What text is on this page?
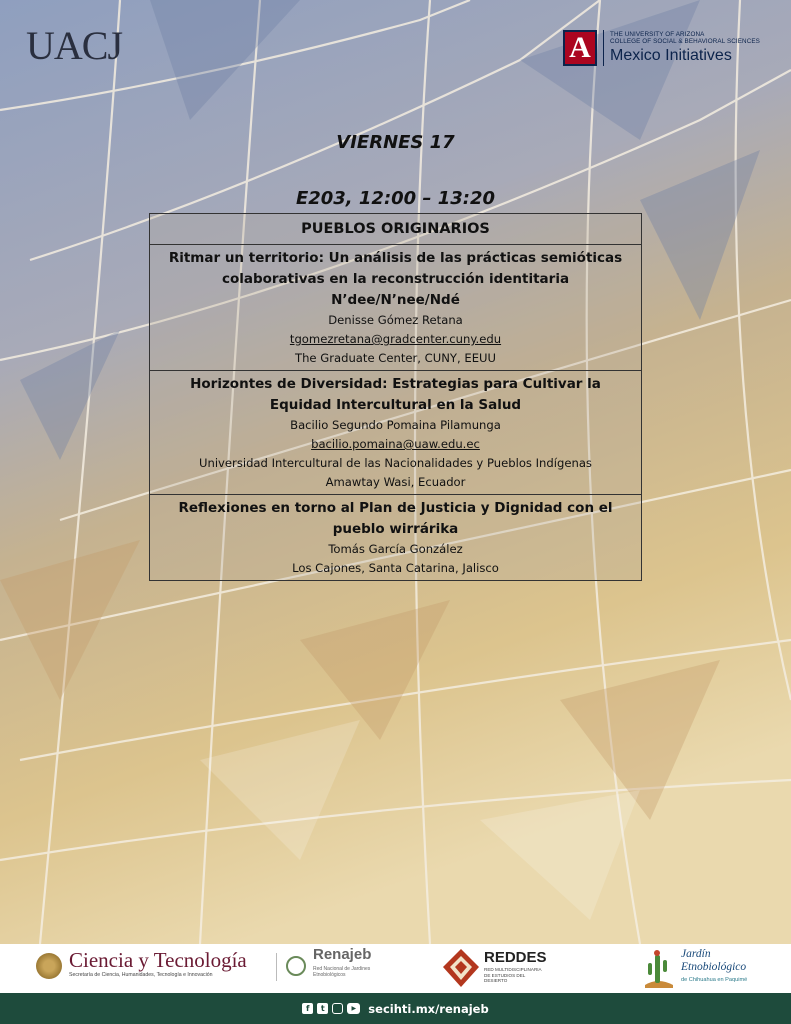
UACJ	A	THE UNIVERSITY OF ARIZONA
COLLEGE OF SOCIAL & BEHAVIORAL SCIENCES
Mexico Initiatives
VIERNES 17
E203, 12:00 – 13:20
PUEBLOS ORIGINARIOS

Ritmar un territorio: Un análisis de las prácticas semióticas
colaborativas en la reconstrucción identitaria
N’dee/N’nee/Ndé
Denisse Gómez Retana
tgomezretana@gradcenter.cuny.edu
The Graduate Center, CUNY, EEUU

Horizontes de Diversidad: Estrategias para Cultivar la
Equidad Intercultural en la Salud
Bacilio Segundo Pomaina Pilamunga
bacilio.pomaina@uaw.edu.ec
Universidad Intercultural de las Nacionalidades y Pueblos Indígenas
Amawtay Wasi, Ecuador

Reflexiones en torno al Plan de Justicia y Dignidad con el
pueblo wirrárika
Tomás García González
Los Cajones, Santa Catarina, Jalisco
Ciencia y Tecnología
Secretaría de Ciencia, Humanidades, Tecnología e Innovación
Renajeb
Red Nacional de Jardines
Etnobiológicos
REDDES
RED MULTIDISCIPLINARIA
DE ESTUDIOS DEL
DESIERTO
Jardín
Etnobiológico
de Chihuahua en Paquimé
f	t	▶	secihti.mx/renajeb
